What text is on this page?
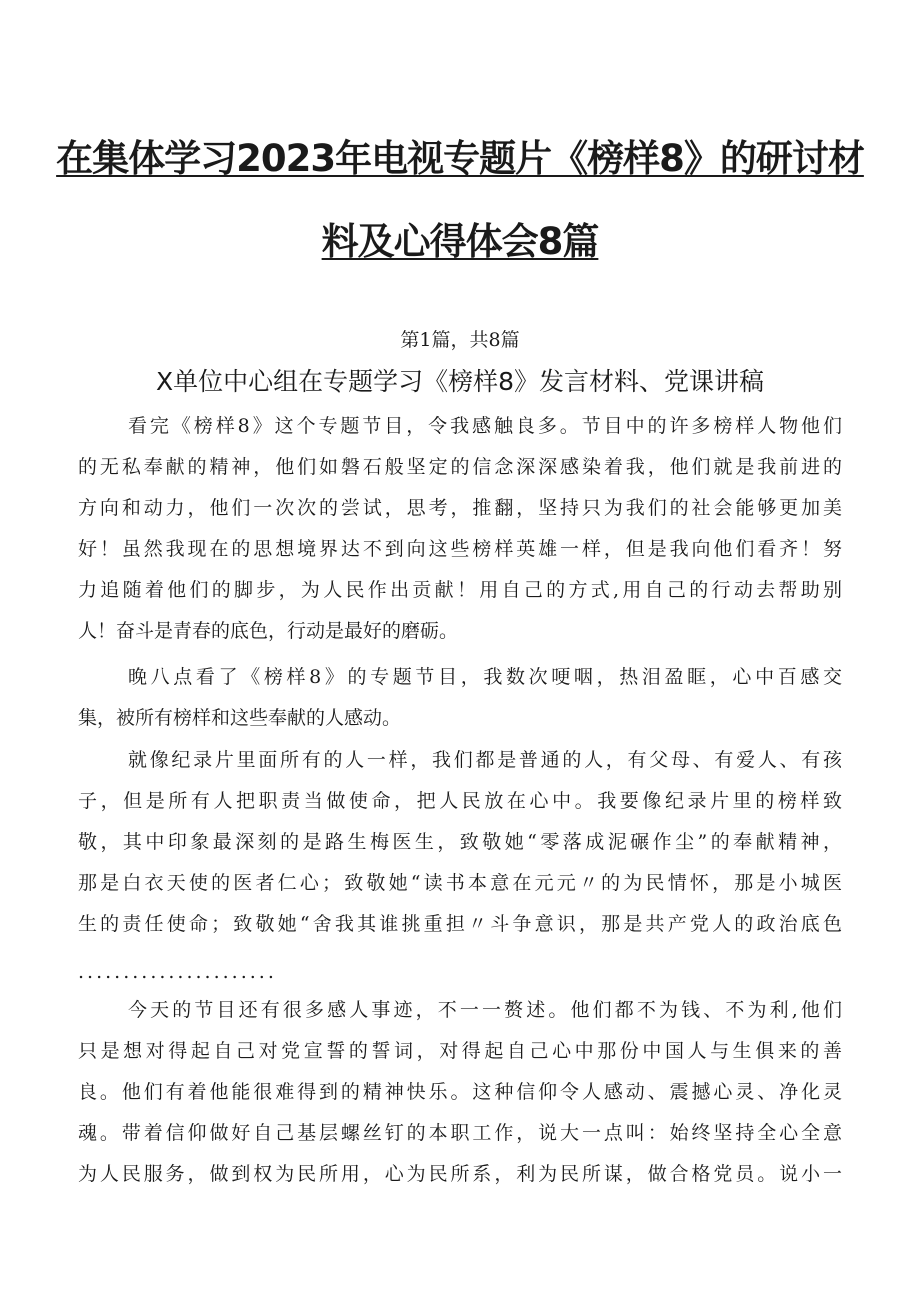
在集体学习2023年电视专题片《榜样8》的研讨材
料及心得体会8篇
第1篇，共8篇
X单位中心组在专题学习《榜样8》发言材料、党课讲稿
看完《榜样8》这个专题节目，令我感触良多。节目中的许多榜样人物他们
的无私奉献的精神，他们如磐石般坚定的信念深深感染着我，他们就是我前进的
方向和动力，他们一次次的尝试，思考，推翻，坚持只为我们的社会能够更加美
好！虽然我现在的思想境界达不到向这些榜样英雄一样，但是我向他们看齐！努
力追随着他们的脚步，为人民作出贡献！用自己的方式,用自己的行动去帮助别
人！奋斗是青春的底色，行动是最好的磨砺。
晚八点看了《榜样8》的专题节目，我数次哽咽，热泪盈眶，心中百感交
集，被所有榜样和这些奉献的人感动。
就像纪录片里面所有的人一样，我们都是普通的人，有父母、有爱人、有孩
子，但是所有人把职责当做使命，把人民放在心中。我要像纪录片里的榜样致
敬，其中印象最深刻的是路生梅医生，致敬她“零落成泥碾作尘”的奉献精神，
那是白衣天使的医者仁心；致敬她“读书本意在元元〃的为民情怀，那是小城医
生的责任使命；致敬她“舍我其谁挑重担〃斗争意识，那是共产党人的政治底色
......................
今天的节目还有很多感人事迹，不一一赘述。他们都不为钱、不为利,他们
只是想对得起自己对党宣誓的誓词，对得起自己心中那份中国人与生俱来的善
良。他们有着他能很难得到的精神快乐。这种信仰令人感动、震撼心灵、净化灵
魂。带着信仰做好自己基层螺丝钉的本职工作，说大一点叫：始终坚持全心全意
为人民服务，做到权为民所用，心为民所系，利为民所谋，做合格党员。说小一
